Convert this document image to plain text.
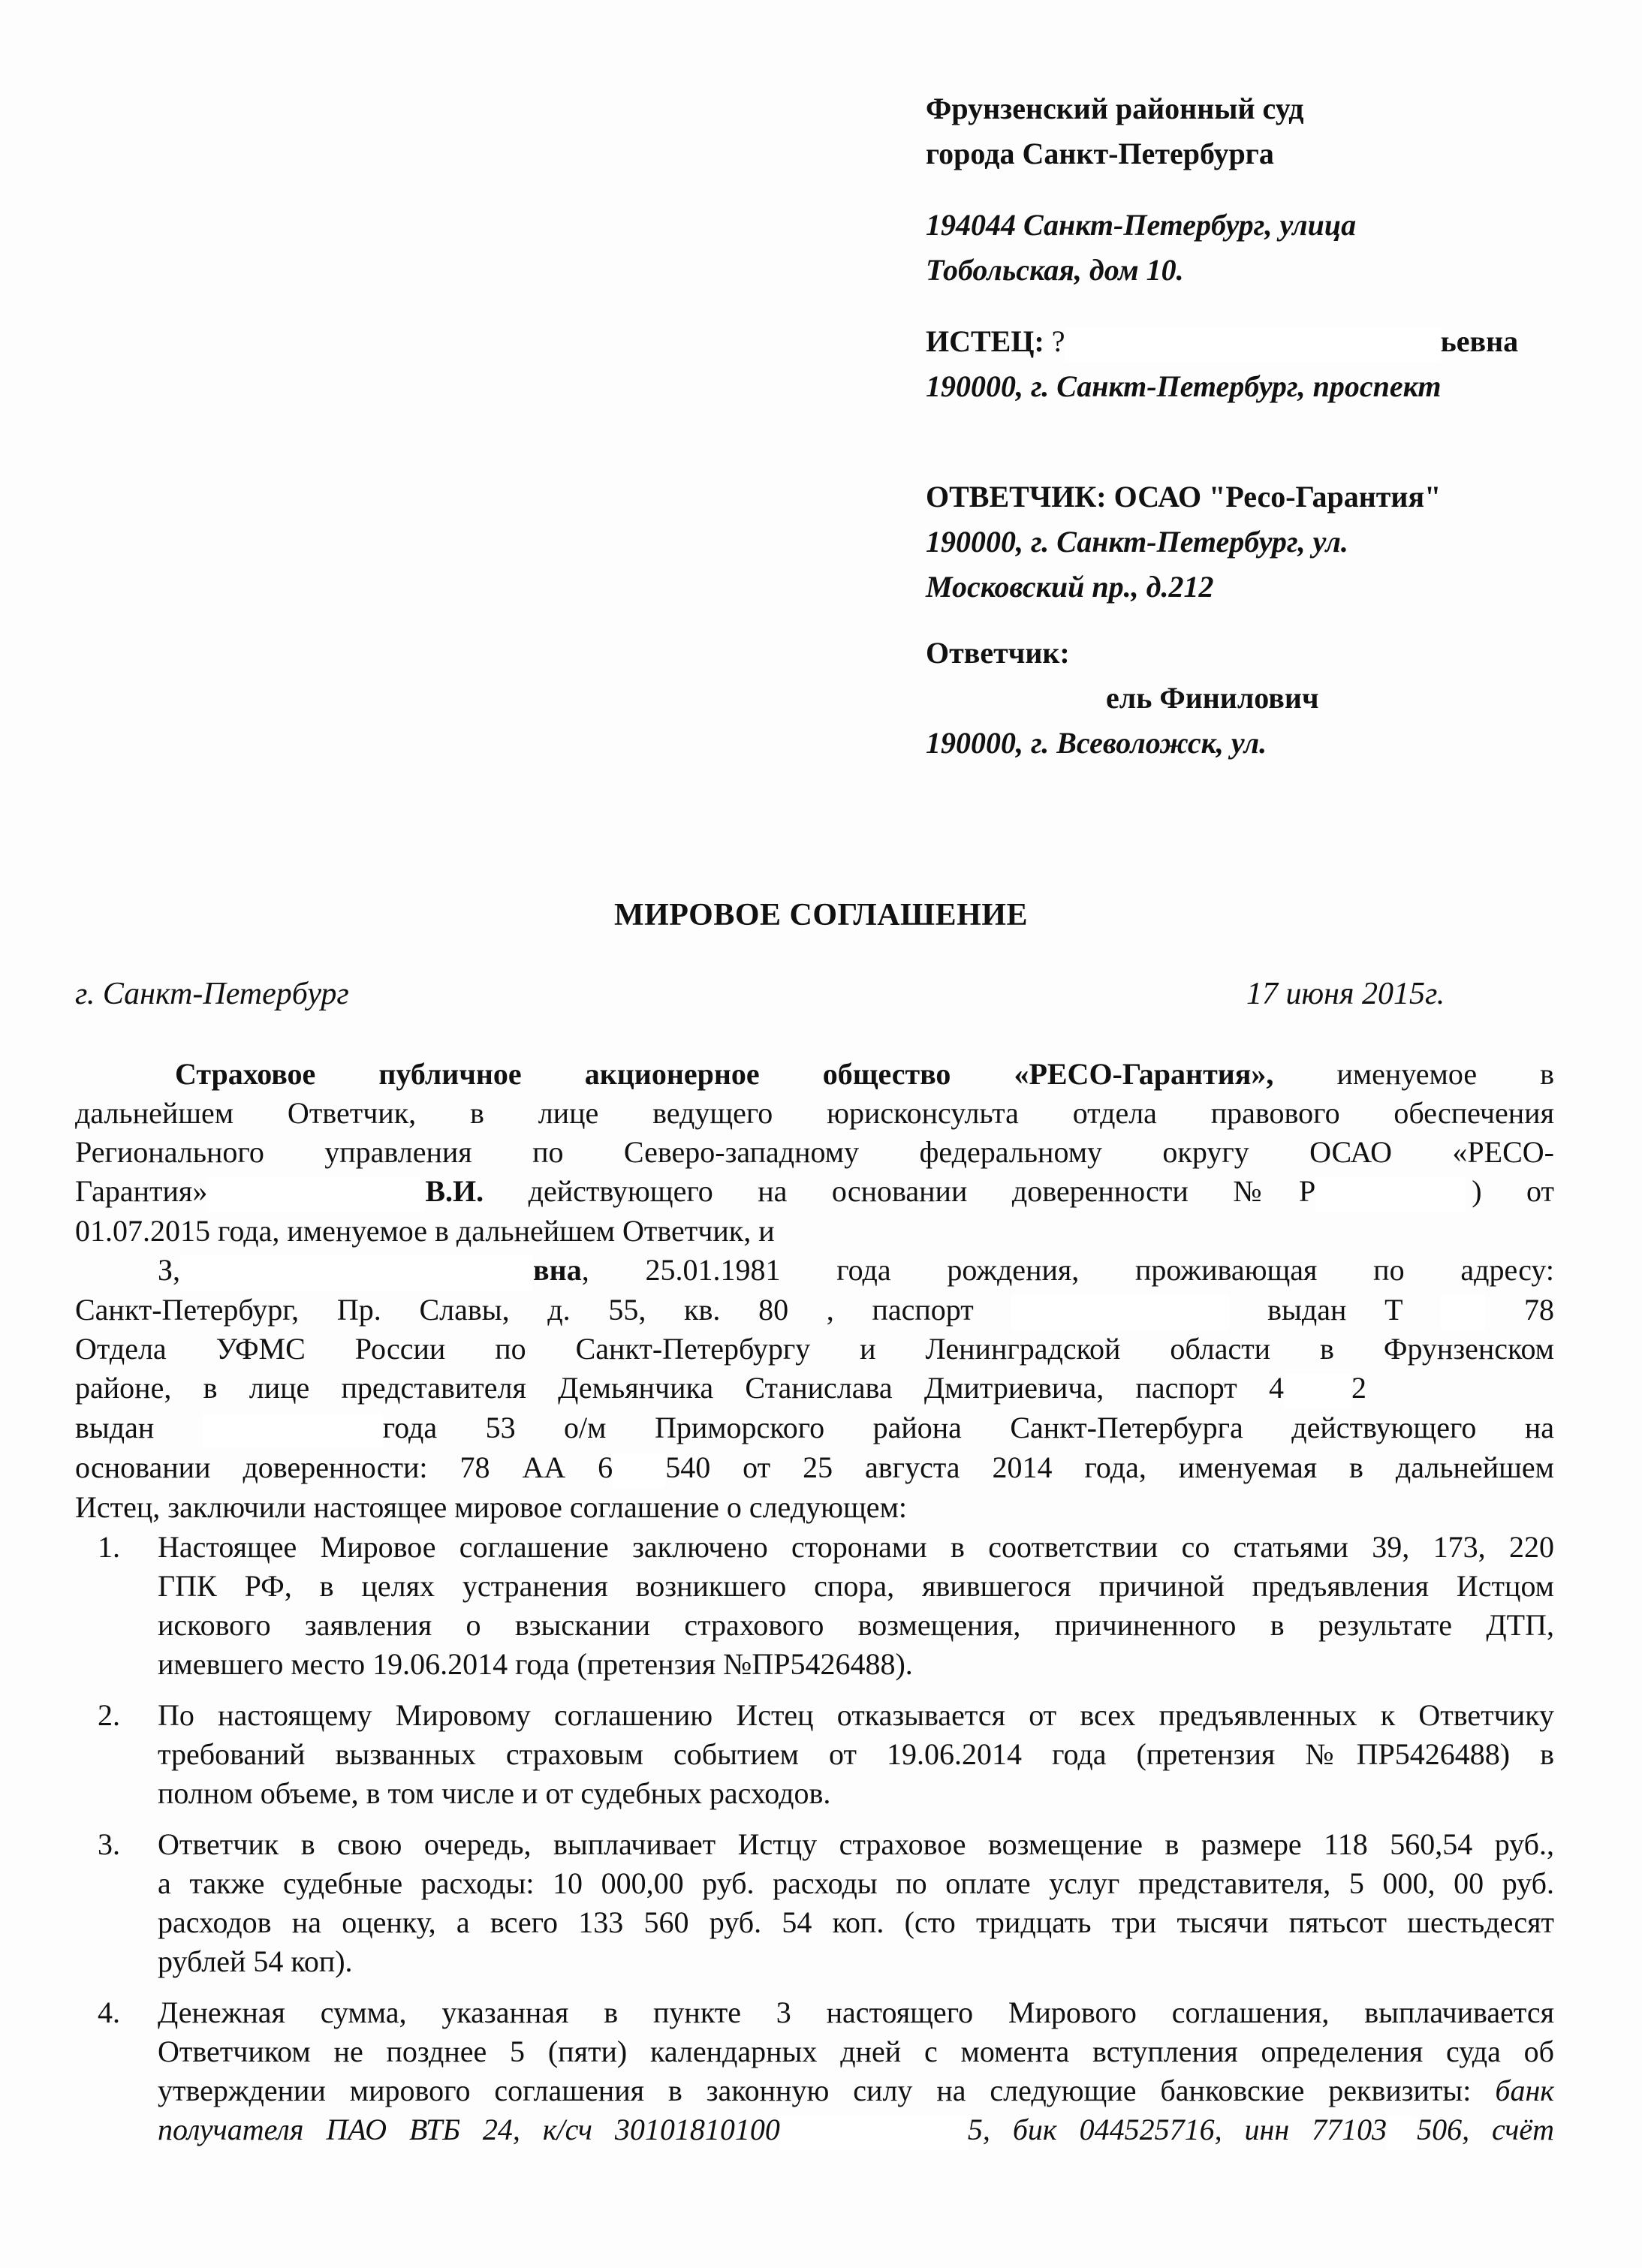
Фрунзенский районный суд
города Санкт-Петербурга
194044 Санкт-Петербург, улица
Тобольская, дом 10.
ИСТЕЦ: ?	ьевна
190000, г. Санкт-Петербург, проспект
ОТВЕТЧИК: ОСАО "Ресо-Гарантия"
190000, г. Санкт-Петербург, ул.
Московский пр., д.212
Ответчик:
ель Финилович
190000, г. Всеволожск, ул.
МИРОВОЕ СОГЛАШЕНИЕ
г. Санкт-Петербург	17 июня 2015г.

Страховое публичное акционерное общество «РЕСО-Гарантия», именуемое в

дальнейшем Ответчик, в лице ведущего юрисконсульта отдела правового обеспечения

Регионального управления по Северо-западному федеральному округу ОСАО «РЕСО-

Гарантия»	В.И. действующего на основании доверенности №Р	 ) от

01.07.2015 года, именуемое в дальнейшем Ответчик, и

З,	вна, 25.01.1981 года рождения, проживающая по адресу:

Санкт-Петербург, Пр. Славы, д. 55, кв. 80 , паспорт	выдан Т	78

Отдела УФМС России по Санкт-Петербургу и Ленинградской области в Фрунзенском

районе, в лице представителя Демьянчика Станислава Дмитриевича, паспорт 4 2

выдан	года 53 о/м Приморского района Санкт-Петербурга действующего на

основании доверенности: 78 АА 6 540 от 25 августа 2014 года, именуемая в дальнейшем

Истец, заключили настоящее мировое соглашение о следующем:

1. Настоящее Мировое соглашение заключено сторонами в соответствии со статьями 39, 173, 220

ГПК РФ, в целях устранения возникшего спора, явившегося причиной предъявления Истцом

искового заявления о взыскании страхового возмещения, причиненного в результате ДТП,

имевшего место 19.06.2014 года (претензия №ПР5426488).

2. По настоящему Мировому соглашению Истец отказывается от всех предъявленных к Ответчику

требований вызванных страховым событием от 19.06.2014 года (претензия №ПР5426488) в

полном объеме, в том числе и от судебных расходов.

3. Ответчик в свою очередь, выплачивает Истцу страховое возмещение в размере 118 560,54 руб.,

а также судебные расходы: 10 000,00 руб. расходы по оплате услуг представителя, 5 000, 00 руб.

расходов на оценку, а всего 133 560 руб. 54 коп. (сто тридцать три тысячи пятьсот шестьдесят

рублей 54 коп).

4. Денежная сумма, указанная в пункте 3 настоящего Мирового соглашения, выплачивается

Ответчиком не позднее 5 (пяти) календарных дней с момента вступления определения суда об

утверждении мирового соглашения в законную силу на следующие банковские реквизиты: банк

получателя ПАО ВТБ 24, к/сч 30101810100	5, бик 044525716, инн 77103 506, счёт
